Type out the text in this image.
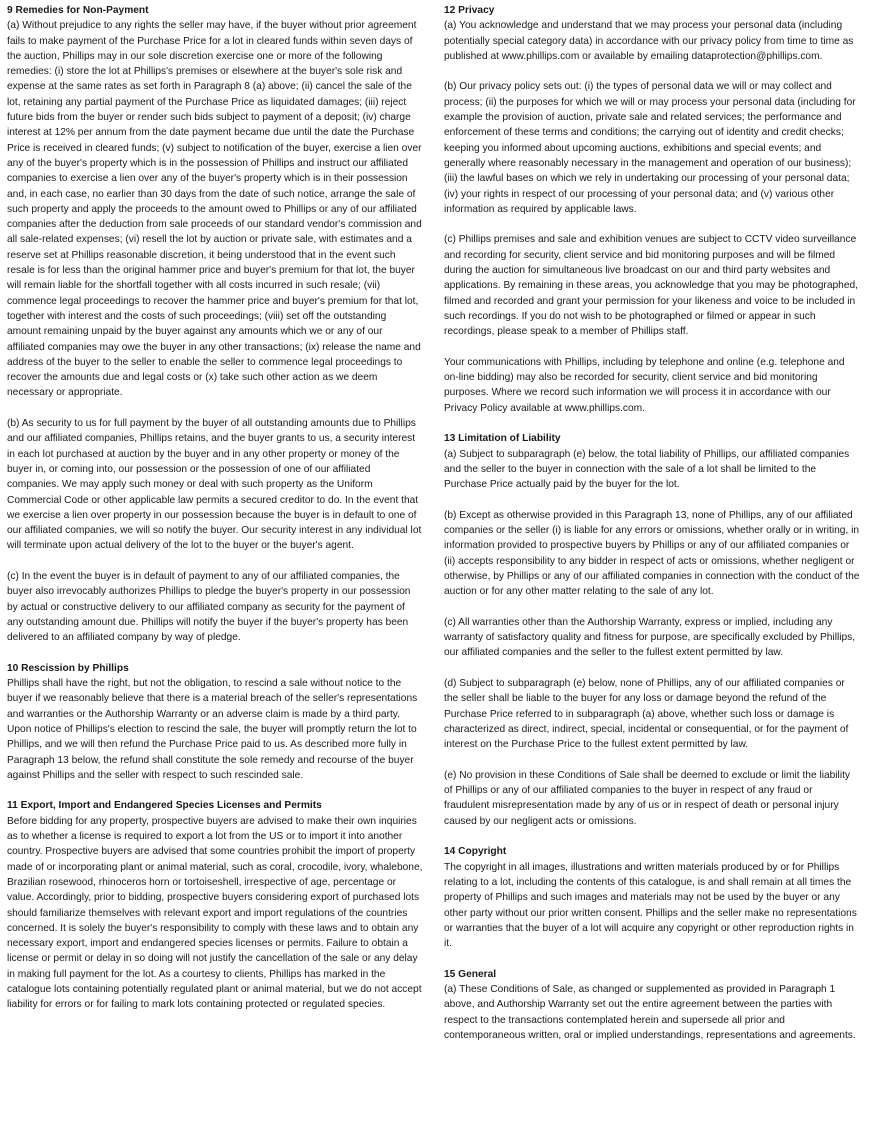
9 Remedies for Non-Payment

(a) Without prejudice to any rights the seller may have, if the buyer without prior agreement fails to make payment of the Purchase Price for a lot in cleared funds within seven days of the auction, Phillips may in our sole discretion exercise one or more of the following remedies: (i) store the lot at Phillips's premises or elsewhere at the buyer's sole risk and expense at the same rates as set forth in Paragraph 8 (a) above; (ii) cancel the sale of the lot, retaining any partial payment of the Purchase Price as liquidated damages; (iii) reject future bids from the buyer or render such bids subject to payment of a deposit; (iv) charge interest at 12% per annum from the date payment became due until the date the Purchase Price is received in cleared funds; (v) subject to notification of the buyer, exercise a lien over any of the buyer's property which is in the possession of Phillips and instruct our affiliated companies to exercise a lien over any of the buyer's property which is in their possession and, in each case, no earlier than 30 days from the date of such notice, arrange the sale of such property and apply the proceeds to the amount owed to Phillips or any of our affiliated companies after the deduction from sale proceeds of our standard vendor's commission and all sale-related expenses; (vi) resell the lot by auction or private sale, with estimates and a reserve set at Phillips reasonable discretion, it being understood that in the event such resale is for less than the original hammer price and buyer's premium for that lot, the buyer will remain liable for the shortfall together with all costs incurred in such resale; (vii) commence legal proceedings to recover the hammer price and buyer's premium for that lot, together with interest and the costs of such proceedings; (viii) set off the outstanding amount remaining unpaid by the buyer against any amounts which we or any of our affiliated companies may owe the buyer in any other transactions; (ix) release the name and address of the buyer to the seller to enable the seller to commence legal proceedings to recover the amounts due and legal costs or (x) take such other action as we deem necessary or appropriate.

(b) As security to us for full payment by the buyer of all outstanding amounts due to Phillips and our affiliated companies, Phillips retains, and the buyer grants to us, a security interest in each lot purchased at auction by the buyer and in any other property or money of the buyer in, or coming into, our possession or the possession of one of our affiliated companies. We may apply such money or deal with such property as the Uniform Commercial Code or other applicable law permits a secured creditor to do. In the event that we exercise a lien over property in our possession because the buyer is in default to one of our affiliated companies, we will so notify the buyer. Our security interest in any individual lot will terminate upon actual delivery of the lot to the buyer or the buyer's agent.

(c) In the event the buyer is in default of payment to any of our affiliated companies, the buyer also irrevocably authorizes Phillips to pledge the buyer's property in our possession by actual or constructive delivery to our affiliated company as security for the payment of any outstanding amount due. Phillips will notify the buyer if the buyer's property has been delivered to an affiliated company by way of pledge.

10 Rescission by Phillips

Phillips shall have the right, but not the obligation, to rescind a sale without notice to the buyer if we reasonably believe that there is a material breach of the seller's representations and warranties or the Authorship Warranty or an adverse claim is made by a third party. Upon notice of Phillips's election to rescind the sale, the buyer will promptly return the lot to Phillips, and we will then refund the Purchase Price paid to us. As described more fully in Paragraph 13 below, the refund shall constitute the sole remedy and recourse of the buyer against Phillips and the seller with respect to such rescinded sale.

11 Export, Import and Endangered Species Licenses and Permits

Before bidding for any property, prospective buyers are advised to make their own inquiries as to whether a license is required to export a lot from the US or to import it into another country. Prospective buyers are advised that some countries prohibit the import of property made of or incorporating plant or animal material, such as coral, crocodile, ivory, whalebone, Brazilian rosewood, rhinoceros horn or tortoiseshell, irrespective of age, percentage or value. Accordingly, prior to bidding, prospective buyers considering export of purchased lots should familiarize themselves with relevant export and import regulations of the countries concerned. It is solely the buyer's responsibility to comply with these laws and to obtain any necessary export, import and endangered species licenses or permits. Failure to obtain a license or permit or delay in so doing will not justify the cancellation of the sale or any delay in making full payment for the lot. As a courtesy to clients, Phillips has marked in the catalogue lots containing potentially regulated plant or animal material, but we do not accept liability for errors or for failing to mark lots containing protected or regulated species.

12 Privacy

(a) You acknowledge and understand that we may process your personal data (including potentially special category data) in accordance with our privacy policy from time to time as published at www.phillips.com or available by emailing dataprotection@phillips.com.

(b) Our privacy policy sets out: (i) the types of personal data we will or may collect and process; (ii) the purposes for which we will or may process your personal data (including for example the provision of auction, private sale and related services; the performance and enforcement of these terms and conditions; the carrying out of identity and credit checks; keeping you informed about upcoming auctions, exhibitions and special events; and generally where reasonably necessary in the management and operation of our business); (iii) the lawful bases on which we rely in undertaking our processing of your personal data; (iv) your rights in respect of our processing of your personal data; and (v) various other information as required by applicable laws.

(c) Phillips premises and sale and exhibition venues are subject to CCTV video surveillance and recording for security, client service and bid monitoring purposes and will be filmed during the auction for simultaneous live broadcast on our and third party websites and applications. By remaining in these areas, you acknowledge that you may be photographed, filmed and recorded and grant your permission for your likeness and voice to be included in such recordings. If you do not wish to be photographed or filmed or appear in such recordings, please speak to a member of Phillips staff.

Your communications with Phillips, including by telephone and online (e.g. telephone and on-line bidding) may also be recorded for security, client service and bid monitoring purposes. Where we record such information we will process it in accordance with our Privacy Policy available at www.phillips.com.

13 Limitation of Liability

(a) Subject to subparagraph (e) below, the total liability of Phillips, our affiliated companies and the seller to the buyer in connection with the sale of a lot shall be limited to the Purchase Price actually paid by the buyer for the lot.

(b) Except as otherwise provided in this Paragraph 13, none of Phillips, any of our affiliated companies or the seller (i) is liable for any errors or omissions, whether orally or in writing, in information provided to prospective buyers by Phillips or any of our affiliated companies or (ii) accepts responsibility to any bidder in respect of acts or omissions, whether negligent or otherwise, by Phillips or any of our affiliated companies in connection with the conduct of the auction or for any other matter relating to the sale of any lot.

(c) All warranties other than the Authorship Warranty, express or implied, including any warranty of satisfactory quality and fitness for purpose, are specifically excluded by Phillips, our affiliated companies and the seller to the fullest extent permitted by law.

(d) Subject to subparagraph (e) below, none of Phillips, any of our affiliated companies or the seller shall be liable to the buyer for any loss or damage beyond the refund of the Purchase Price referred to in subparagraph (a) above, whether such loss or damage is characterized as direct, indirect, special, incidental or consequential, or for the payment of interest on the Purchase Price to the fullest extent permitted by law.

(e) No provision in these Conditions of Sale shall be deemed to exclude or limit the liability of Phillips or any of our affiliated companies to the buyer in respect of any fraud or fraudulent misrepresentation made by any of us or in respect of death or personal injury caused by our negligent acts or omissions.

14 Copyright

The copyright in all images, illustrations and written materials produced by or for Phillips relating to a lot, including the contents of this catalogue, is and shall remain at all times the property of Phillips and such images and materials may not be used by the buyer or any other party without our prior written consent. Phillips and the seller make no representations or warranties that the buyer of a lot will acquire any copyright or other reproduction rights in it.

15 General

(a) These Conditions of Sale, as changed or supplemented as provided in Paragraph 1 above, and Authorship Warranty set out the entire agreement between the parties with respect to the transactions contemplated herein and supersede all prior and contemporaneous written, oral or implied understandings, representations and agreements.
